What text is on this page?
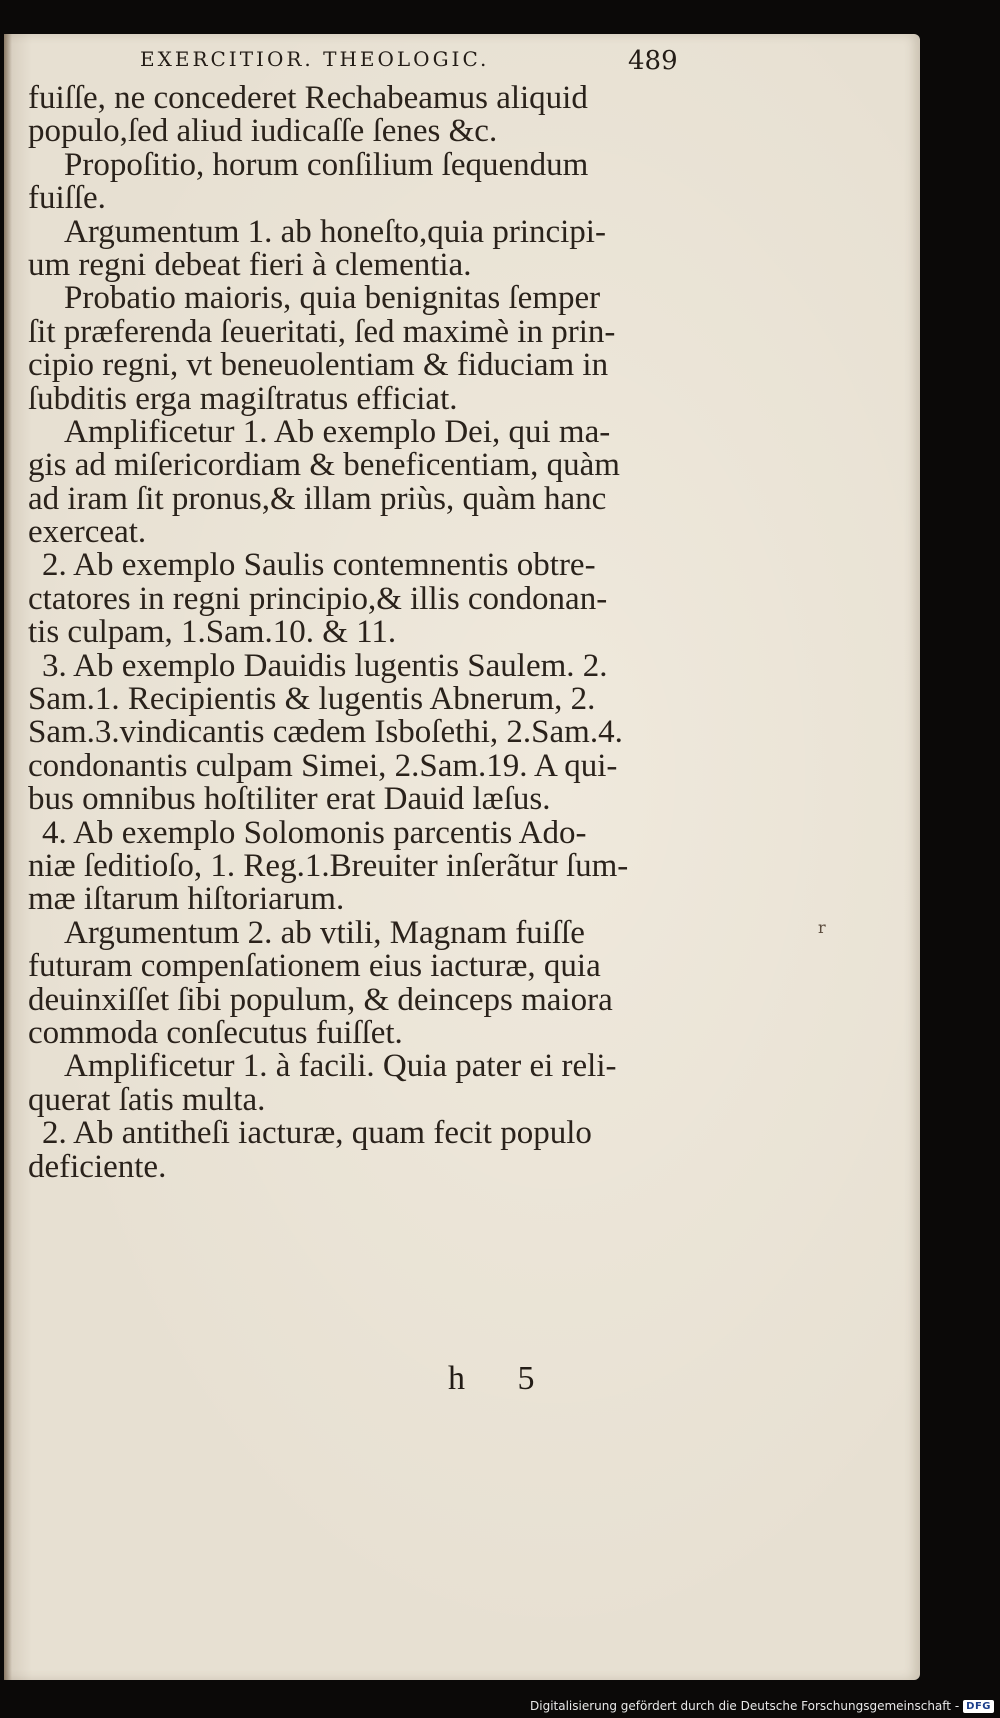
EXERCITIOR. THEOLOGIC.	489
fuiſſe, ne concederet Rechabeamus aliquid
populo,ſed aliud iudicaſſe ſenes &c.
Propoſitio, horum conſilium ſequendum
fuiſſe.
Argumentum 1. ab honeſto,quia principi-
um regni debeat fieri à clementia.
Probatio maioris, quia benignitas ſemper
ſit præferenda ſeueritati, ſed maximè in prin-
cipio regni, vt beneuolentiam & fiduciam in
ſubditis erga magiſtratus efficiat.
Amplificetur 1. Ab exemplo Dei, qui ma-
gis ad miſericordiam & beneficentiam, quàm
ad iram ſit pronus,& illam priùs, quàm hanc
exerceat.
2. Ab exemplo Saulis contemnentis obtre-
ctatores in regni principio,& illis condonan-
tis culpam, 1.Sam.10. & 11.
3. Ab exemplo Dauidis lugentis Saulem. 2.
Sam.1. Recipientis & lugentis Abnerum, 2.
Sam.3.vindicantis cædem Isboſethi, 2.Sam.4.
condonantis culpam Simei, 2.Sam.19. A quі-
bus omnibus hoſtiliter erat Dauid læſus.
4. Ab exemplo Solomonis parcentis Ado-
niæ ſeditioſo, 1. Reg.1.Breuiter inſerãtur ſum-
mæ iſtarum hiſtoriarum.
Argumentum 2. ab vtili, Magnam fuiſſe
futuram compenſationem eius iacturæ, quia
deuinxiſſet ſibi populum, & deinceps maiora
commoda conſecutus fuiſſet.
Amplificetur 1. à facili. Quia pater ei reli-
querat ſatis multa.
2. Ab antitheſi iacturæ, quam fecit populo
deficiente.
h 5
r
Digitalisierung gefördert durch die Deutsche Forschungsgemeinschaft - DFG
